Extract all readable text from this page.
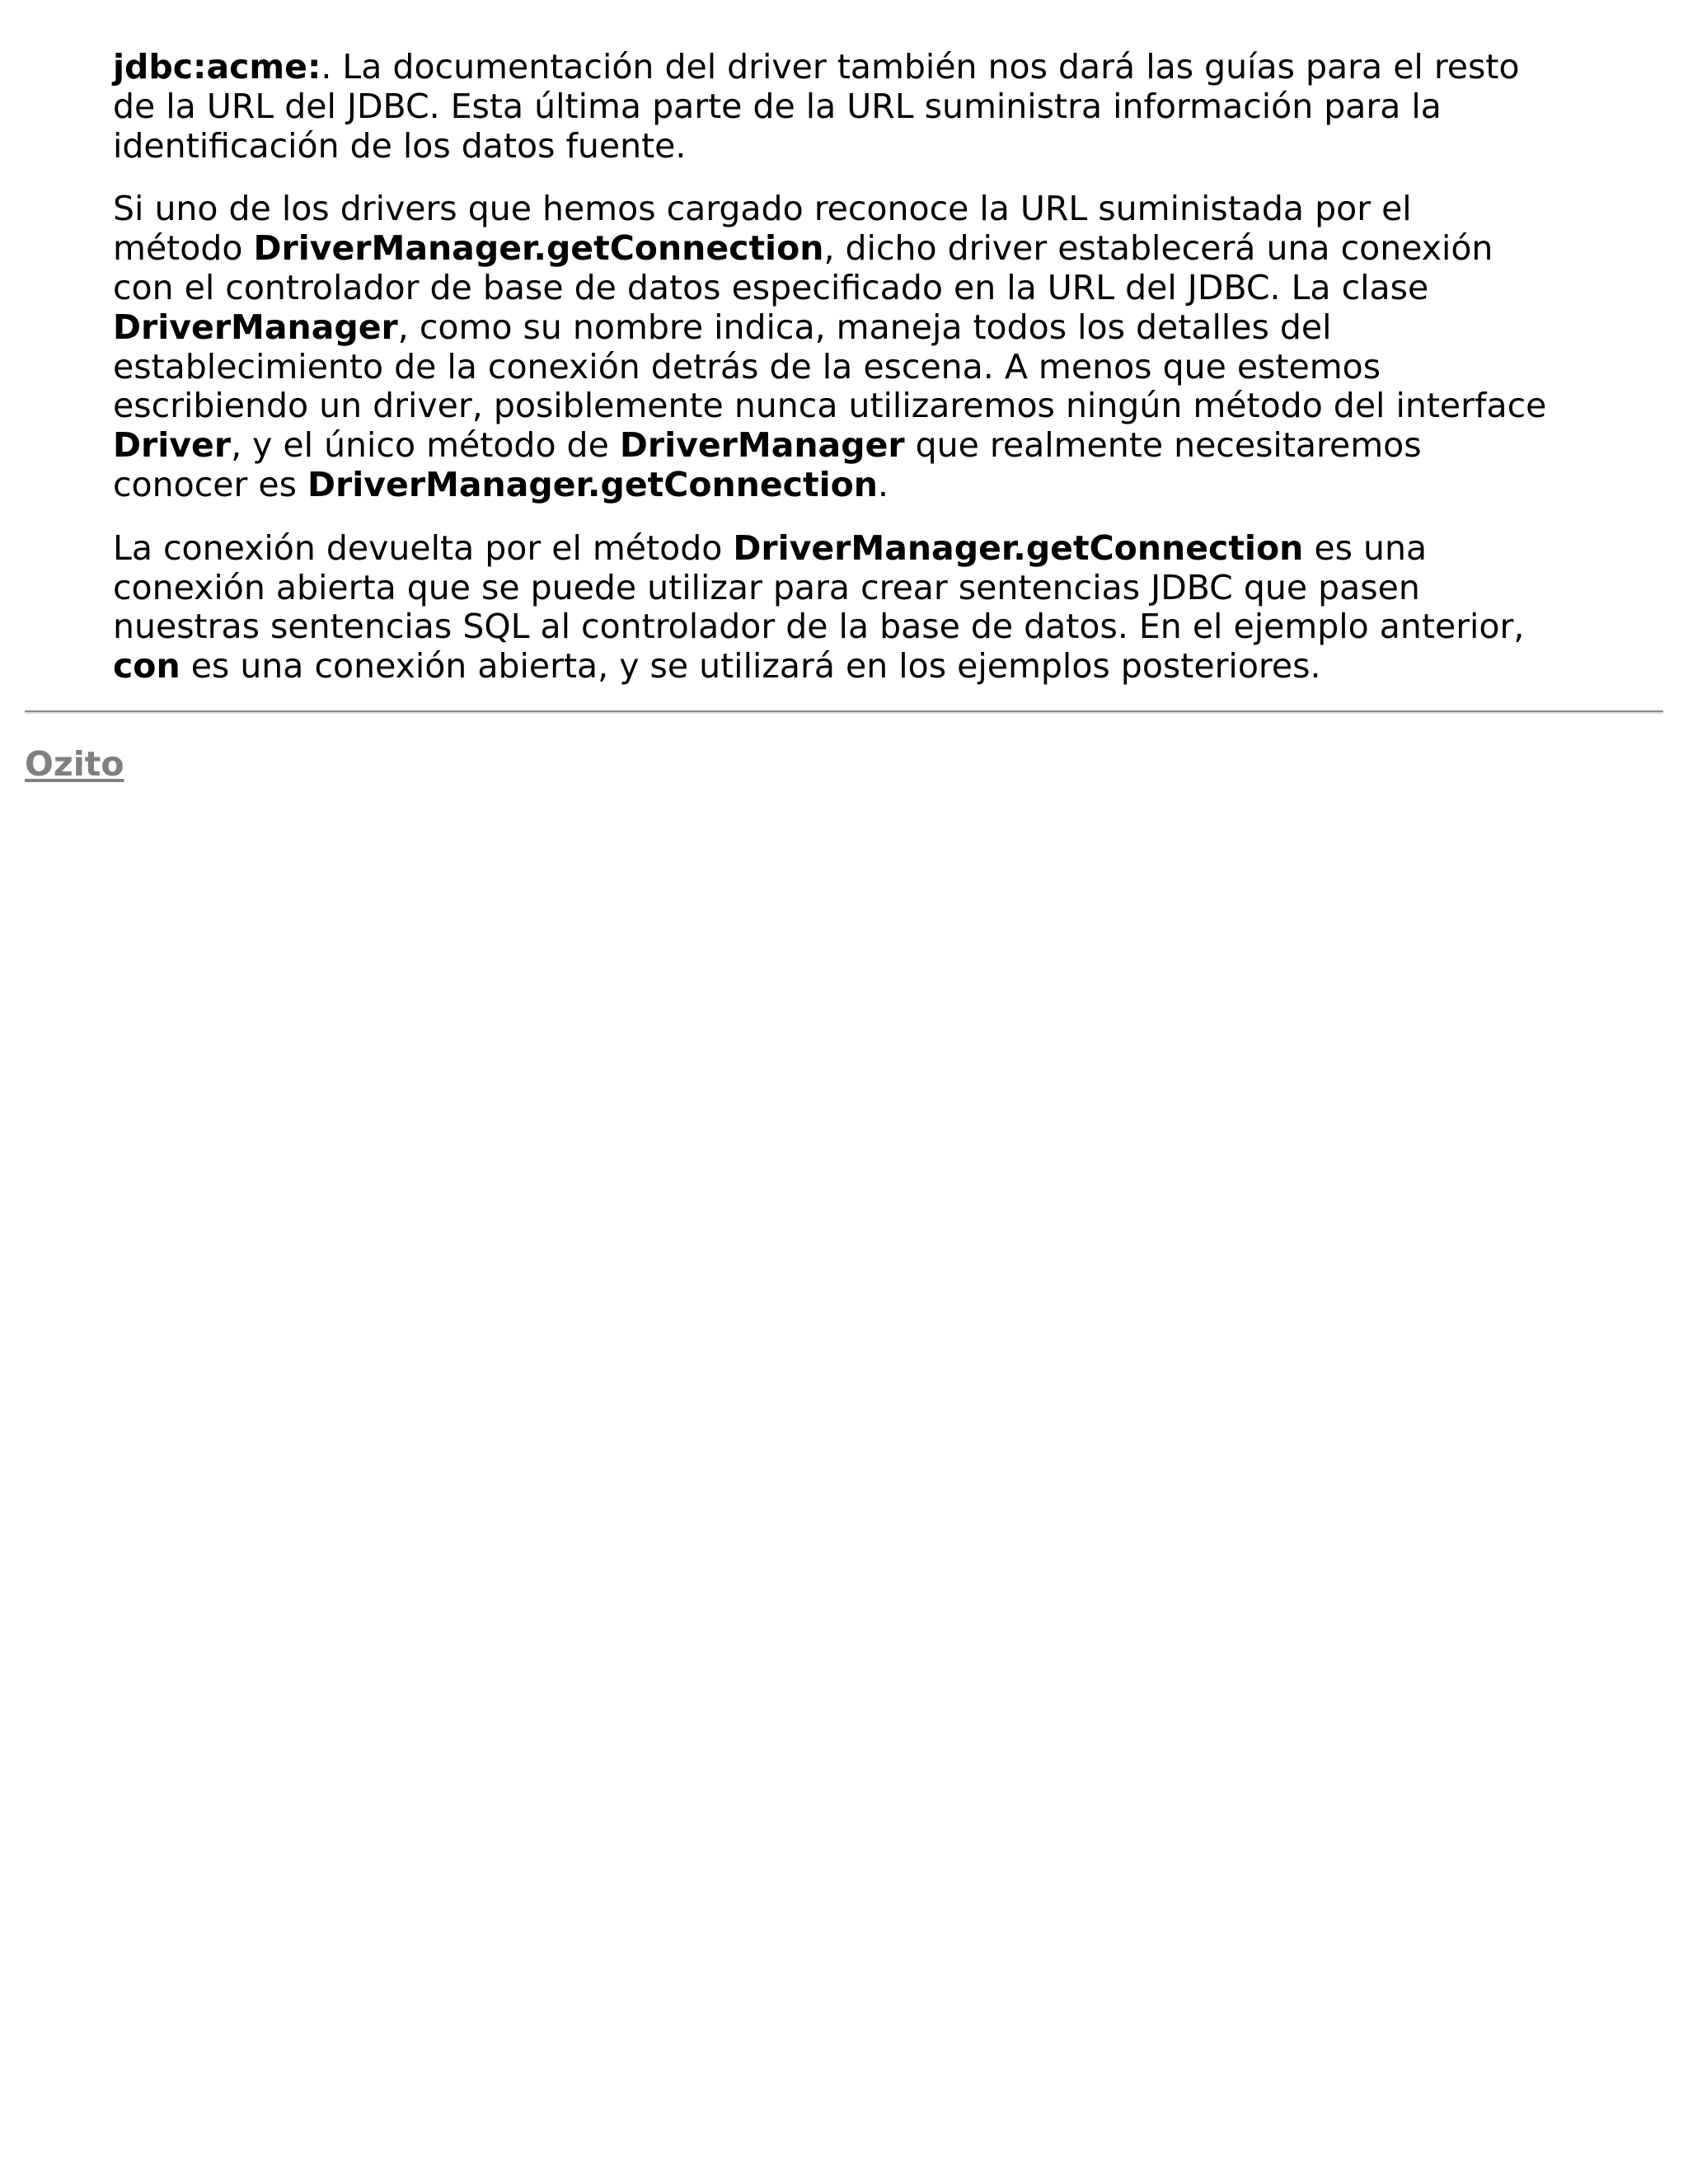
jdbc:acme:. La documentación del driver también nos dará las guías para el resto
de la URL del JDBC. Esta última parte de la URL suministra información para la
identificación de los datos fuente.

Si uno de los drivers que hemos cargado reconoce la URL suministada por el
método DriverManager.getConnection, dicho driver establecerá una conexión
con el controlador de base de datos especificado en la URL del JDBC. La clase
DriverManager, como su nombre indica, maneja todos los detalles del
establecimiento de la conexión detrás de la escena. A menos que estemos
escribiendo un driver, posiblemente nunca utilizaremos ningún método del interface
Driver, y el único método de DriverManager que realmente necesitaremos
conocer es DriverManager.getConnection.

La conexión devuelta por el método DriverManager.getConnection es una
conexión abierta que se puede utilizar para crear sentencias JDBC que pasen
nuestras sentencias SQL al controlador de la base de datos. En el ejemplo anterior,
con es una conexión abierta, y se utilizará en los ejemplos posteriores.

Ozito
